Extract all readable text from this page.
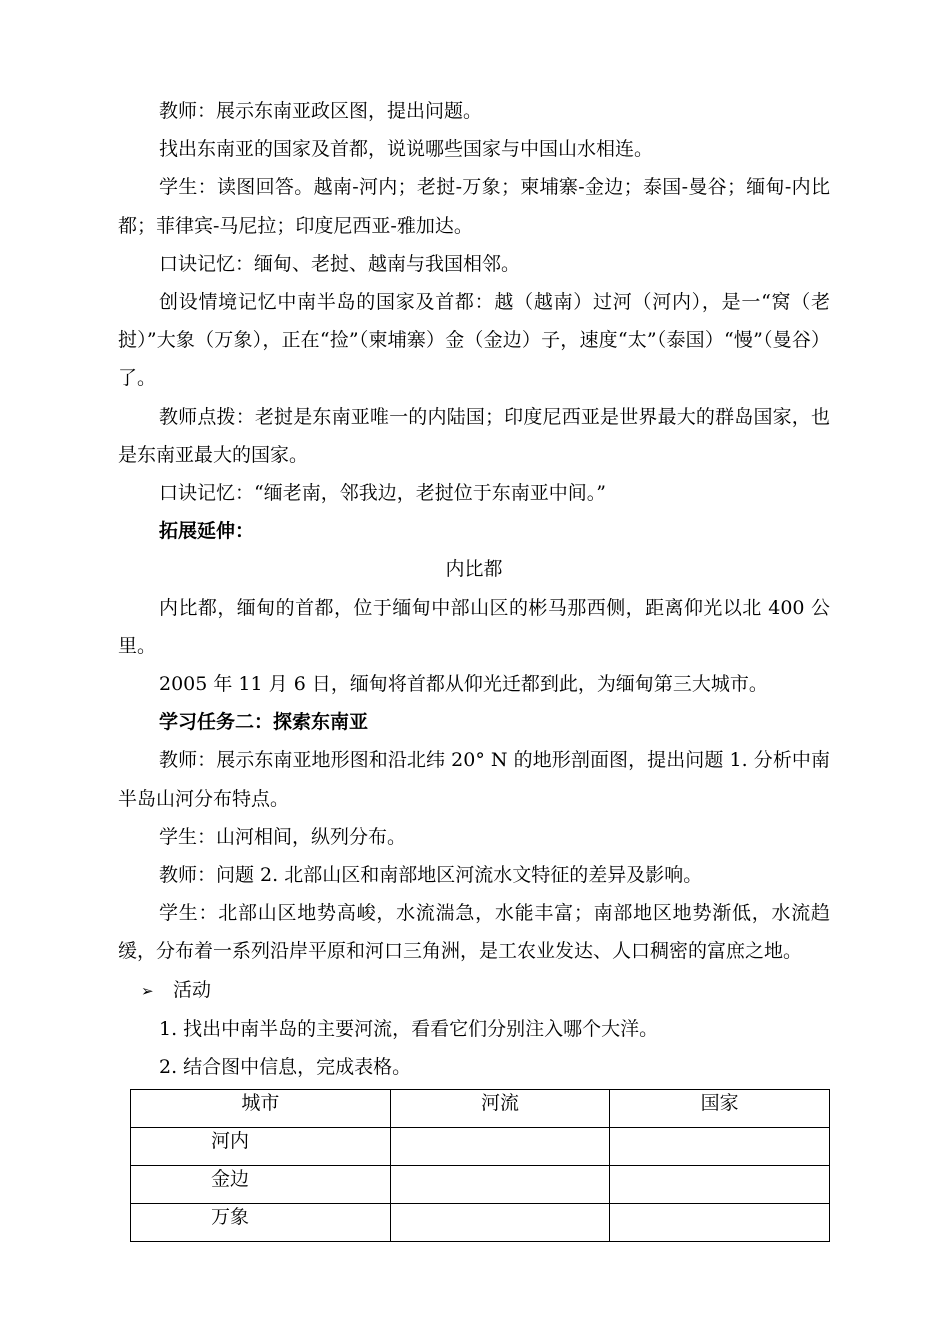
教师：展示东南亚政区图，提出问题。

找出东南亚的国家及首都，说说哪些国家与中国山水相连。

学生：读图回答。越南-河内；老挝-万象；柬埔寨-金边；泰国-曼谷；缅甸-内比都；菲律宾-马尼拉；印度尼西亚-雅加达。

口诀记忆：缅甸、老挝、越南与我国相邻。

创设情境记忆中南半岛的国家及首都：越（越南）过河（河内），是一“窝（老挝）”大象（万象），正在“捡”（柬埔寨）金（金边）子，速度“太”（泰国）“慢”（曼谷）了。

教师点拨：老挝是东南亚唯一的内陆国；印度尼西亚是世界最大的群岛国家，也是东南亚最大的国家。

口诀记忆：“缅老南，邻我边，老挝位于东南亚中间。”

拓展延伸：

内比都

内比都，缅甸的首都，位于缅甸中部山区的彬马那西侧，距离仰光以北 400 公里。

2005 年 11 月 6 日，缅甸将首都从仰光迁都到此，为缅甸第三大城市。

学习任务二：探索东南亚

教师：展示东南亚地形图和沿北纬 20° N 的地形剖面图，提出问题 1. 分析中南半岛山河分布特点。

学生：山河相间，纵列分布。

教师：问题 2. 北部山区和南部地区河流水文特征的差异及影响。

学生：北部山区地势高峻，水流湍急，水能丰富；南部地区地势渐低，水流趋缓，分布着一系列沿岸平原和河口三角洲，是工农业发达、人口稠密的富庶之地。

➢ 活动

1. 找出中南半岛的主要河流，看看它们分别注入哪个大洋。

2. 结合图中信息，完成表格。

城市	河流	国家
河内		
金边		
万象		
